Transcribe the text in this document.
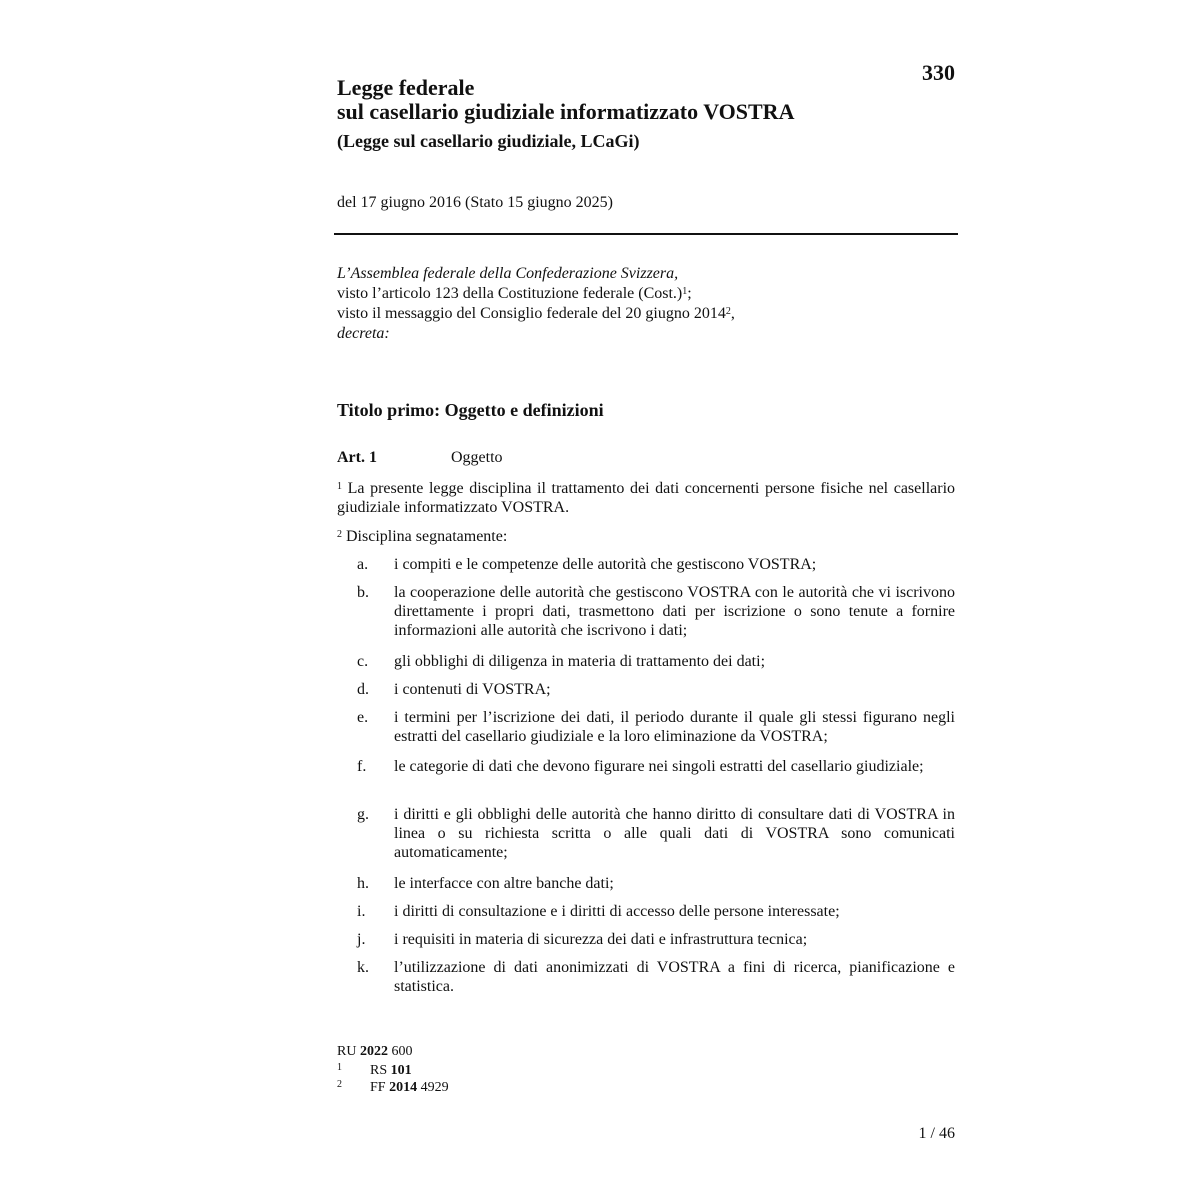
330
Legge federale
sul casellario giudiziale informatizzato VOSTRA
(Legge sul casellario giudiziale, LCaGi)
del 17 giugno 2016 (Stato 15 giugno 2025)
L’Assemblea federale della Confederazione Svizzera,
visto l’articolo 123 della Costituzione federale (Cost.)$^1$;
visto il messaggio del Consiglio federale del 20 giugno 2014$^2$,
decreta:
Titolo primo: Oggetto e definizioni
Art. 1	Oggetto
$^1$ La presente legge disciplina il trattamento dei dati concernenti persone fisiche nel casellario giudiziale informatizzato VOSTRA.
$^2$ Disciplina segnatamente:
a.	i compiti e le competenze delle autorità che gestiscono VOSTRA;
b.	la cooperazione delle autorità che gestiscono VOSTRA con le autorità che vi iscrivono direttamente i propri dati, trasmettono dati per iscrizione o sono tenute a fornire informazioni alle autorità che iscrivono i dati;
c.	gli obblighi di diligenza in materia di trattamento dei dati;
d.	i contenuti di VOSTRA;
e.	i termini per l’iscrizione dei dati, il periodo durante il quale gli stessi figurano negli estratti del casellario giudiziale e la loro eliminazione da VOSTRA;
f.	le categorie di dati che devono figurare nei singoli estratti del casellario giudiziale;
g.	i diritti e gli obblighi delle autorità che hanno diritto di consultare dati di VOSTRA in linea o su richiesta scritta o alle quali dati di VOSTRA sono comunicati automaticamente;
h.	le interfacce con altre banche dati;
i.	i diritti di consultazione e i diritti di accesso delle persone interessate;
j.	i requisiti in materia di sicurezza dei dati e infrastruttura tecnica;
k.	l’utilizzazione di dati anonimizzati di VOSTRA a fini di ricerca, pianificazione e statistica.
RU 2022 600
1	RS 101
2	FF 2014 4929
1 / 46
